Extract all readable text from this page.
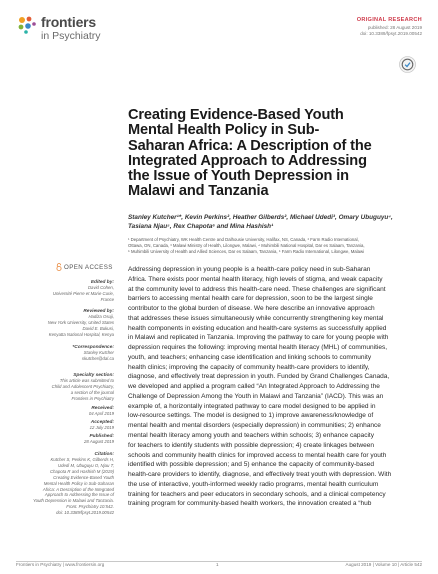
frontiers
in Psychiatry
ORIGINAL RESEARCH
published: 28 August 2019
doi: 10.3389/fpsyt.2019.00542
Creating Evidence-Based Youth
Mental Health Policy in Sub-
Saharan Africa: A Description of the
Integrated Approach to Addressing
the Issue of Youth Depression in
Malawi and Tanzania
Stanley Kutcher¹*, Kevin Perkins², Heather Gilberds², Michael Udedi³, Omary Ubuguyu⁴,
Tasiana Njau⁵, Rex Chapota⁶ and Mina Hashish¹
¹ Department of Psychiatry, WK Health Centre and Dalhousie University, Halifax, NS, Canada, ² Farm Radio International,
Ottawa, ON, Canada, ³ Malawi Ministry of Health, Lilongwe, Malawi, ⁴ Muhimbili National Hospital, Dar es Salaam, Tanzania,
⁵ Muhimbili University of Health and Allied Sciences, Dar es Salaam, Tanzania, ⁶ Farm Radio International, Lilongwe, Malawi
OPEN ACCESS
Edited by:
David Cohen,
Université Pierre et Marie Curie,
France
Reviewed by:
Hadiza Osuji,
New York University, United States
David E. Bukusi,
Kenyatta National Hospital, Kenya
*Correspondence:
Stanley Kutcher
skutcher@dal.ca
Specialty section:
This article was submitted to
Child and Adolescent Psychiatry,
a section of the journal
Frontiers in Psychiatry
Received:
04 April 2019
Accepted:
12 July 2019
Published:
28 August 2019
Citation:
Kutcher S, Perkins K, Gilberds H,
Udedi M, Ubuguyu O, Njau T,
Chapota R and Hashish M (2019)
Creating Evidence-Based Youth
Mental Health Policy in Sub-Saharan
Africa: A Description of the Integrated
Approach to Addressing the Issue of
Youth Depression in Malawi and Tanzania.
Front. Psychiatry 10:542.
doi: 10.3389/fpsyt.2019.00542
Addressing depression in young people is a health-care policy need in sub-Saharan
Africa. There exists poor mental health literacy, high levels of stigma, and weak capacity
at the community level to address this health-care need. These challenges are significant
barriers to accessing mental health care for depression, soon to be the largest single
contributor to the global burden of disease. We here describe an innovative approach
that addresses these issues simultaneously while concurrently strengthening key mental
health components in existing education and health-care systems as successfully applied
in Malawi and replicated in Tanzania. Improving the pathway to care for young people with
depression requires the following: improving mental health literacy (MHL) of communities,
youth, and teachers; enhancing case identification and linking schools to community
health clinics; improving the capacity of community health-care providers to identify,
diagnose, and effectively treat depression in youth. Funded by Grand Challenges Canada,
we developed and applied a program called “An Integrated Approach to Addressing the
Challenge of Depression Among the Youth in Malawi and Tanzania” (IACD). This was an
example of, a horizontally integrated pathway to care model designed to be applied in
low-resource settings. The model is designed to 1) improve awareness/knowledge of
mental health and mental disorders (especially depression) in communities; 2) enhance
mental health literacy among youth and teachers within schools; 3) enhance capacity
for teachers to identify students with possible depression; 4) create linkages between
schools and community health clinics for improved access to mental health care for youth
identified with possible depression; and 5) enhance the capacity of community-based
health-care providers to identify, diagnose, and effectively treat youth with depression. With
the use of interactive, youth-informed weekly radio programs, mental health curriculum
training for teachers and peer educators in secondary schools, and a clinical competency
training program for community-based health workers, the innovation created a “hub
Frontiers in Psychiatry | www.frontiersin.org	1	August 2019 | Volume 10 | Article 542
